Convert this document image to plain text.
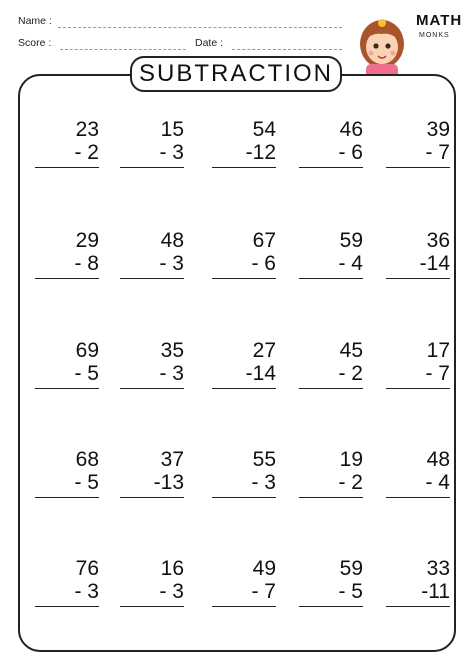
Name :
Score :	Date :
MATH
MONKS
SUBTRACTION
23
- 2
15
- 3
54
-12
46
- 6
39
- 7
29
- 8
48
- 3
67
- 6
59
- 4
36
-14
69
- 5
35
- 3
27
-14
45
- 2
17
- 7
68
- 5
37
-13
55
- 3
19
- 2
48
- 4
76
- 3
16
- 3
49
- 7
59
- 5
33
-11
